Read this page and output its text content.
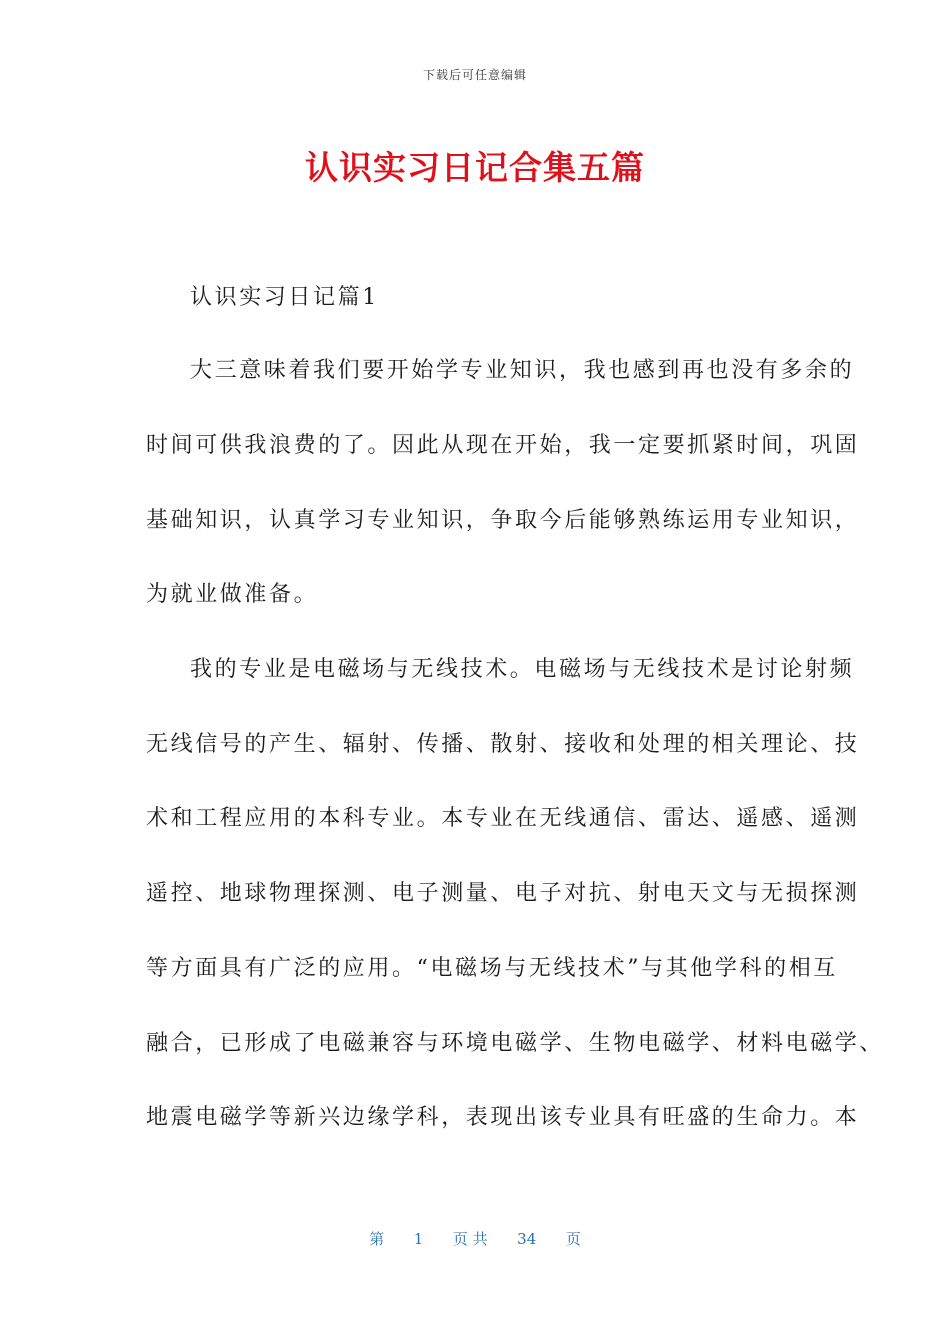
下载后可任意编辑
认识实习日记合集五篇
认识实习日记篇1
大三意味着我们要开始学专业知识，我也感到再也没有多余的
时间可供我浪费的了。因此从现在开始，我一定要抓紧时间，巩固
基础知识，认真学习专业知识，争取今后能够熟练运用专业知识，
为就业做准备。
我的专业是电磁场与无线技术。电磁场与无线技术是讨论射频
无线信号的产生、辐射、传播、散射、接收和处理的相关理论、技
术和工程应用的本科专业。本专业在无线通信、雷达、遥感、遥测
遥控、地球物理探测、电子测量、电子对抗、射电天文与无损探测
等方面具有广泛的应用。“电磁场与无线技术”与其他学科的相互
融合，已形成了电磁兼容与环境电磁学、生物电磁学、材料电磁学、
地震电磁学等新兴边缘学科，表现出该专业具有旺盛的生命力。本
第 1 页 共 34 页
